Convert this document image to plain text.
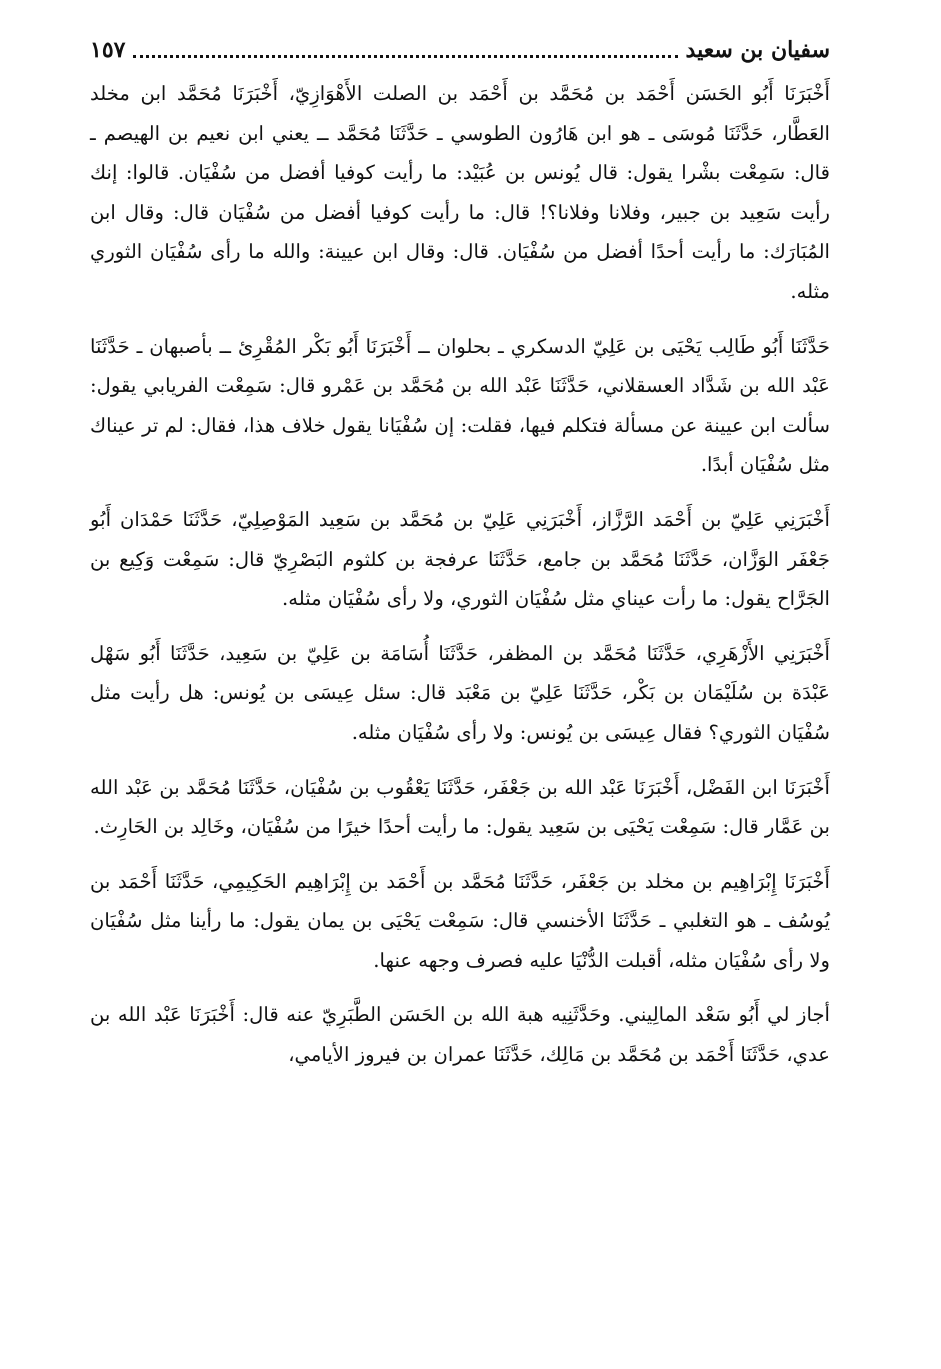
سفيان بن سعيد
١٥٧

أَخْبَرَنَا أَبُو الحَسَن أَحْمَد بن مُحَمَّد بن أَحْمَد بن الصلت الأَهْوَازِيّ، أَخْبَرَنَا مُحَمَّد ابن مخلد العَطَّار، حَدَّثَنَا مُوسَى ـ هو ابن هَارُون الطوسي ـ حَدَّثَنَا مُحَمَّد ــ يعني ابن نعيم بن الهيصم ـ قال: سَمِعْت بشْرا يقول: قال يُونس بن عُبَيْد: ما رأيت كوفيا أفضل من سُفْيَان. قالوا: إنك رأيت سَعِيد بن جبير، وفلانا وفلانا؟! قال: ما رأيت كوفيا أفضل من سُفْيَان قال: وقال ابن المُبَارَك: ما رأيت أحدًا أفضل من سُفْيَان. قال: وقال ابن عيينة: والله ما رأى سُفْيَان الثوري مثله.

حَدَّثَنَا أَبُو طَالِب يَحْيَى بن عَلِيّ الدسكري ـ بحلوان ــ أَخْبَرَنَا أَبُو بَكْر المُقْرِئ ــ بأصبهان ـ حَدَّثَنَا عَبْد الله بن شَدَّاد العسقلاني، حَدَّثَنَا عَبْد الله بن مُحَمَّد بن عَمْرو قال: سَمِعْت الفريابي يقول: سألت ابن عيينة عن مسألة فتكلم فيها، فقلت: إن سُفْيَانا يقول خلاف هذا، فقال: لم تر عيناك مثل سُفْيَان أبدًا.

أَخْبَرَنِي عَلِيّ بن أَحْمَد الرَّزَّاز، أَخْبَرَنِي عَلِيّ بن مُحَمَّد بن سَعِيد المَوْصِلِيّ، حَدَّثَنَا حَمْدَان أَبُو جَعْفَر الوَزَّان، حَدَّثَنَا مُحَمَّد بن جامع، حَدَّثَنَا عرفجة بن كلثوم البَصْرِيّ قال: سَمِعْت وَكِيع بن الجَرَّاح يقول: ما رأت عيناي مثل سُفْيَان الثوري، ولا رأى سُفْيَان مثله.

أَخْبَرَنِي الأَزْهَرِي، حَدَّثَنَا مُحَمَّد بن المظفر، حَدَّثَنَا أُسَامَة بن عَلِيّ بن سَعِيد، حَدَّثَنَا أَبُو سَهْل عَبْدَة بن سُلَيْمَان بن بَكْر، حَدَّثَنَا عَلِيّ بن مَعْبَد قال: سئل عِيسَى بن يُونس: هل رأيت مثل سُفْيَان الثوري؟ فقال عِيسَى بن يُونس: ولا رأى سُفْيَان مثله.

أَخْبَرَنَا ابن الفَضْل، أَخْبَرَنَا عَبْد الله بن جَعْفَر، حَدَّثَنَا يَعْقُوب بن سُفْيَان، حَدَّثَنَا مُحَمَّد بن عَبْد الله بن عَمَّار قال: سَمِعْت يَحْيَى بن سَعِيد يقول: ما رأيت أحدًا خيرًا من سُفْيَان، وخَالِد بن الحَارِث.

أَخْبَرَنَا إِبْرَاهِيم بن مخلد بن جَعْفَر، حَدَّثَنَا مُحَمَّد بن أَحْمَد بن إِبْرَاهِيم الحَكِيمِي، حَدَّثَنَا أَحْمَد بن يُوسُف ـ هو التغلبي ـ حَدَّثَنَا الأخنسي قال: سَمِعْت يَحْيَى بن يمان يقول: ما رأينا مثل سُفْيَان ولا رأى سُفْيَان مثله، أقبلت الدُّنْيَا عليه فصرف وجهه عنها.

أجاز لي أَبُو سَعْد المالِيني. وحَدَّثَنِيه هبة الله بن الحَسَن الطَّبَرِيّ عنه قال: أَخْبَرَنَا عَبْد الله بن عدي، حَدَّثَنَا أَحْمَد بن مُحَمَّد بن مَالِك، حَدَّثَنَا عمران بن فيروز الأيامي،
